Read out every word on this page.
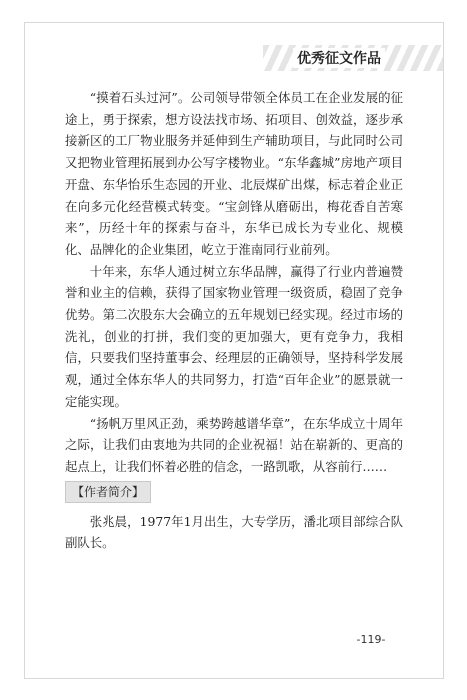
优秀征文作品

“摸着石头过河”。公司领导带领全体员工在企业发展的征途上，勇于探索，想方设法找市场、拓项目、创效益，逐步承接新区的工厂物业服务并延伸到生产辅助项目，与此同时公司又把物业管理拓展到办公写字楼物业。“东华鑫城”房地产项目开盘、东华怡乐生态园的开业、北辰煤矿出煤，标志着企业正在向多元化经营模式转变。“宝剑锋从磨砺出，梅花香自苦寒来”，历经十年的探索与奋斗，东华已成长为专业化、规模化、品牌化的企业集团，屹立于淮南同行业前列。

十年来，东华人通过树立东华品牌，赢得了行业内普遍赞誉和业主的信赖，获得了国家物业管理一级资质，稳固了竞争优势。第二次股东大会确立的五年规划已经实现。经过市场的洗礼，创业的打拼，我们变的更加强大，更有竞争力，我相信，只要我们坚持董事会、经理层的正确领导，坚持科学发展观，通过全体东华人的共同努力，打造“百年企业”的愿景就一定能实现。

“扬帆万里风正劲，乘势跨越谱华章”，在东华成立十周年之际，让我们由衷地为共同的企业祝福！站在崭新的、更高的起点上，让我们怀着必胜的信念，一路凯歌，从容前行……

【作者简介】

张兆晨，1977年1月出生，大专学历，潘北项目部综合队副队长。

-119-
